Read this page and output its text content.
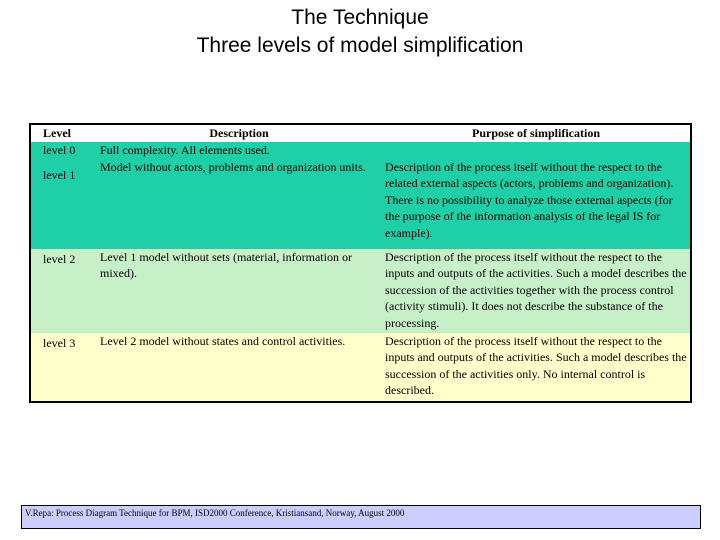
The Technique
Three levels of model simplification
Level	Description	Purpose of simplification
level 0	Full complexity. All elements used.	
level 1	Model without actors, problems and organization units.	Description of the process itself without the respect to the related external aspects (actors, problems and organization). There is no possibility to analyze those external aspects (for the purpose of the information analysis of the legal IS for example).
level 2	Level 1 model without sets (material, information or mixed).	Description of the process itself without the respect to the inputs and outputs of the activities. Such a model describes the succession of the activities together with the process control (activity stimuli). It does not describe the substance of the processing.
level 3	Level 2 model without states and control activities.	Description of the process itself without the respect to the inputs and outputs of the activities. Such a model describes the succession of the activities only. No internal control is described.
V.Repa: Process Diagram Technique for BPM, ISD2000 Conference, Kristiansand, Norway, August 2000
